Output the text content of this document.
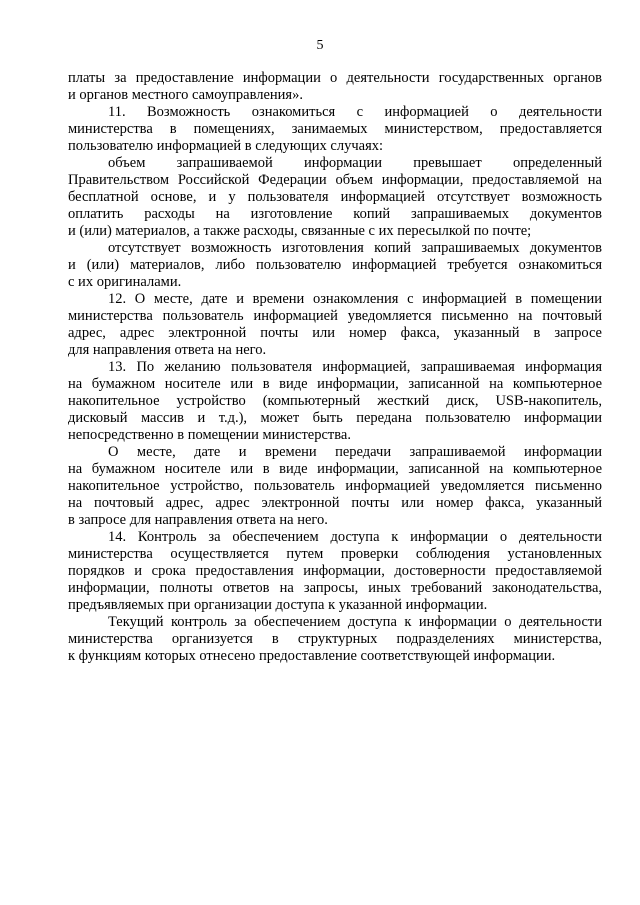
5
платы за предоставление информации о деятельности государственных органов
и органов местного самоуправления».
11. Возможность ознакомиться с информацией о деятельности
министерства в помещениях, занимаемых министерством, предоставляется
пользователю информацией в следующих случаях:
объем запрашиваемой информации превышает определенный
Правительством Российской Федерации объем информации, предоставляемой на
бесплатной основе, и у пользователя информацией отсутствует возможность
оплатить расходы на изготовление копий запрашиваемых документов
и (или) материалов, а также расходы, связанные с их пересылкой по почте;
отсутствует возможность изготовления копий запрашиваемых документов
и (или) материалов, либо пользователю информацией требуется ознакомиться
с их оригиналами.
12. О месте, дате и времени ознакомления с информацией в помещении
министерства пользователь информацией уведомляется письменно на почтовый
адрес, адрес электронной почты или номер факса, указанный в запросе
для направления ответа на него.
13. По желанию пользователя информацией, запрашиваемая информация
на бумажном носителе или в виде информации, записанной на компьютерное
накопительное устройство (компьютерный жесткий диск, USB-накопитель,
дисковый массив и т.д.), может быть передана пользователю информации
непосредственно в помещении министерства.
О месте, дате и времени передачи запрашиваемой информации
на бумажном носителе или в виде информации, записанной на компьютерное
накопительное устройство, пользователь информацией уведомляется письменно
на почтовый адрес, адрес электронной почты или номер факса, указанный
в запросе для направления ответа на него.
14. Контроль за обеспечением доступа к информации о деятельности
министерства осуществляется путем проверки соблюдения установленных
порядков и срока предоставления информации, достоверности предоставляемой
информации, полноты ответов на запросы, иных требований законодательства,
предъявляемых при организации доступа к указанной информации.
Текущий контроль за обеспечением доступа к информации о деятельности
министерства организуется в структурных подразделениях министерства,
к функциям которых отнесено предоставление соответствующей информации.
